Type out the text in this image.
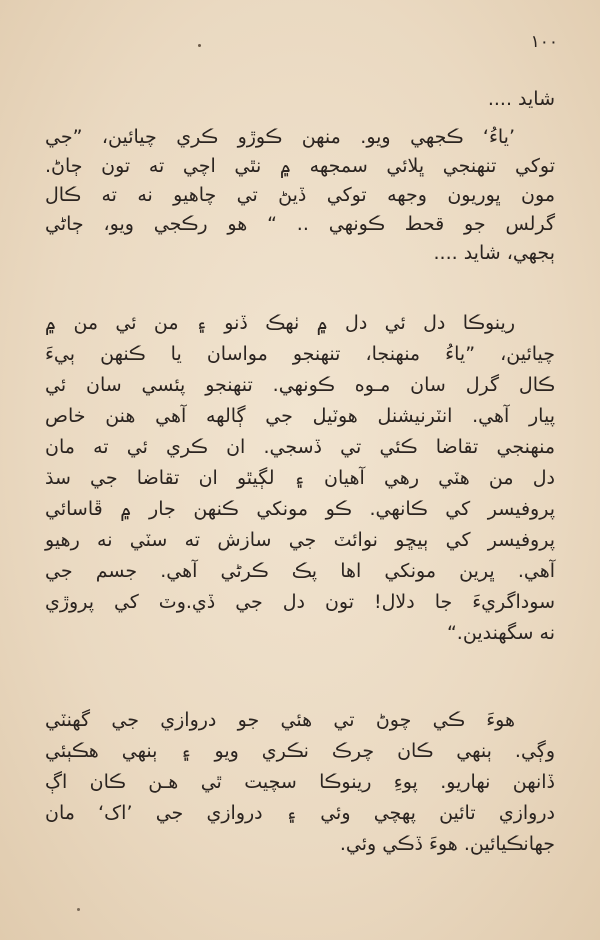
١٠٠
شايد ....
’ياءُ‘ ڪجهي ويو. منهن ڪوڙو ڪري چيائين، ”جي
توکي تنهنجي ڀلائي سمجهه ۾ نٿي اچي ته تون ڄاڻ.
مون ڀوريون وجهه توکي ڏيڻ تي چاهيو نه ته ڪال
گرلس جو قحط ڪونهي .. “ هو رڪجي ويو، ڄاڻي
ٻجهي، شايد ....
رينوڪا دل ئي دل ۾ ٺهڪ ڏنو ۽ من ئي من ۾
چيائين، ”ياءُ منهنجا، تنهنجو مواسان يا ڪنهن ٻيءَ
ڪال گرل سان مـوه ڪونهي. تنهنجو پئسي سان ئي
پيار آهي. انٽرنيشنل هوٽيل جي ڳالهه آهي هنن خاص
منهنجي تقاضا ڪئي تي ڏسجي. ان ڪري ئي ته مان
دل من هٽي رهي آهيان ۽ لڳيٿو ان تقاضا جي سڌ
پروفيسر کي ڪانهي. ڪو مونکي ڪنهن جار ۾ ڦاسائي
پروفيسر کي ٻيڇو نوائٽ جي سازش ته سٽي نه رهيو
آهي. ڀرين مونکي اها پڪ ڪرڻي آهي. جسم جي
سوداگريءَ جا دلال! تون دل جي ڏي.وٽ کي پروڙي
نه سگهندين.“
هوءَ ڪي چوڻ تي هئي جو دروازي جي گهنٽي
وڳي. ٻنهي ڪان چرڪ نڪري ويو ۽ ٻنهي هڪٻئي
ڏانهن نهاريو. پوءِ رينوڪا سچيت ٿي هـن ڪان اڳ
دروازي تائين پهچي وئي ۽ دروازي جي ’اک‘ مان
جهانڪيائين. هوءَ ڏڪي وئي.
